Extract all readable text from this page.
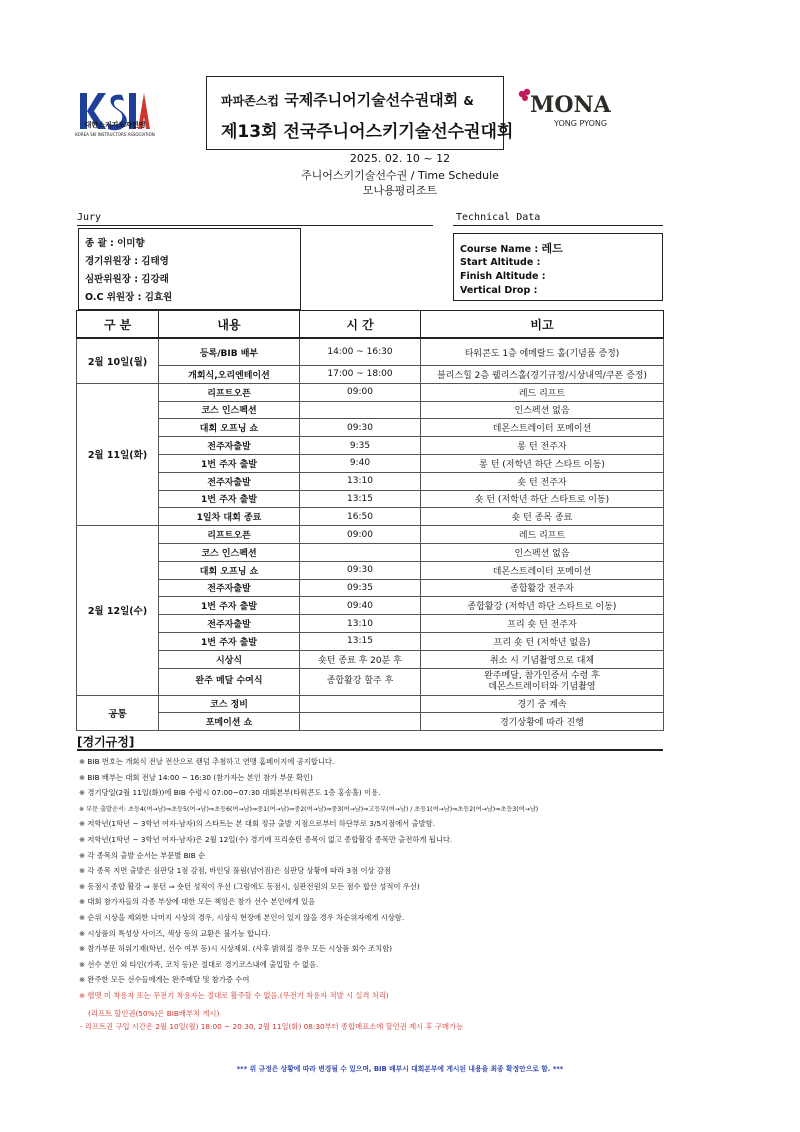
KSIA
대한스키지도자연맹
KOREA SKI INSTRUCTORS ASSOCIATION
파파존스컵 국제주니어기술선수권대회 &
제13회 전국주니어스키기술선수권대회
MONA
YONG PYONG
2025. 02. 10 ~ 12
주니어스키기술선수권 / Time Schedule
모나용평리조트
Jury
종 괄 : 이미향
경기위원장 : 김태영
심판위원장 : 김강래
O.C 위원장 : 김효원
Technical Data
Course Name : 레드
Start Altitude :
Finish Altitude :
Vertical Drop :
구 분	내용	시 간	비고
2월 10일(월)	등록/BIB 배부	14:00 ~ 16:30	타워콘도 1층 에메랄드 홀(기념품 증정)
	개회식,오리엔테이션	17:00 ~ 18:00	블리스힐 2층 웰리스홀(경기규정/시상내역/쿠폰 증정)
2월 11일(화)	리프트오픈	09:00	레드 리프트
	코스 인스펙션		인스펙션 없음
	대회 오프닝 쇼	09:30	데몬스트레이터 포메이션
	전주자출발	9:35	롱 턴 전주자
	1번 주자 출발	9:40	롱 턴 (저학년 하단 스타트 이동)
	전주자출발	13:10	숏 턴 전주자
	1번 주자 출발	13:15	숏 턴 (저학년 하단 스타트로 이동)
	1일차 대회 종료	16:50	숏 턴 종목 종료
2월 12일(수)	리프트오픈	09:00	레드 리프트
	코스 인스펙션		인스펙션 없음
	대회 오프닝 쇼	09:30	데몬스트레이터 포메이션
	전주자출발	09:35	종합활강 전주자
	1번 주자 출발	09:40	종합활강 (저학년 하단 스타트로 이동)
	전주자출발	13:10	프리 숏 턴 전주자
	1번 주자 출발	13:15	프리 숏 턴 (저학년 없음)
	시상식	숏턴 종료 후 20분 후	취소 시 기념촬영으로 대체
	완주 메달 수여식	종합활강 할주 후	완주메달, 참가인증서 수령 후
데몬스트레이터와 기념촬영

공통	코스 정비		경기 중 계속
	포메이션 쇼		경기상황에 따라 진행
[경기규정]
※ BIB 번호는 개회식 전날 전산으로 랜덤 추첨하고 연맹 홈페이지에 공지합니다.
※ BIB 배부는 대회 전날 14:00 ~ 16:30 (참가자는 본인 참가 부문 확인)
※ 경기당일(2월 11일(화))에 BIB 수령시 07:00~07:30 대회본부(타워콘도 1층 홍송홀) 이용.
※ 부문 출발순서: 초등4(여→남)⇒초등5(여→남)⇒초등6(여→남)⇒중1(여→남)⇒중2(여→남)⇒중3(여→남)⇒고등부(여→남) / 초등1(여→남)⇒초등2(여→남)⇒초등3(여→남)
※ 저학년(1학년 ~ 3학년 여자-남자)의 스타트는 본 대회 정규 출발 지점으로부터 하단부로 3/5지점에서 출발함.
※ 저학년(1학년 ~ 3학년 여자-남자)은 2월 12일(수) 경기에 프리숏턴 종목이 없고 종합활강 종목만 출전하게 됩니다.
※ 각 종목의 출발 순서는 부문별 BIB 순
※ 각 종목 지면 출발은 심판당 1점 감점, 바인딩 풀림(넘어짐)은 심판당 상황에 따라 3점 이상 감점
※ 동점시 종합 활강 ⇒ 롱턴 ⇒ 숏턴 성적이 우선 (그럼에도 동점시, 심판전원의 모든 점수 합산 성적이 우선)
※ 대회 참가자들의 각종 부상에 대한 모든 책임은 참가 선수 본인에게 있음
※ 순위 시상을 제외한 나머지 시상의 경우, 시상식 현장에 본인이 있지 않을 경우 차순위자에게 시상함.
※ 시상품의 특성상 사이즈, 색상 등의 교환은 불가능 합니다.
※ 참가부문 허위기재(학년, 선수 여부 등)시 시상제외. (사후 밝혀질 경우 모든 시상품 회수 조치함)
※ 선수 본인 외 타인(가족, 코치 등)은 절대로 경기코스내에 출입할 수 없음.
※ 완주한 모든 선수들에게는 완주메달 및 참가증 수여
※ 헬멧 미 착용자 또는 무전기 착용자는 절대로 활주할 수 없음.(무전기 착용자 적발 시 실격 처리)
*** 위 규정은 상황에 따라 변경될 수 있으며, BIB 배부시 대회본부에 게시된 내용을 최종 확정안으로 함. ***
(리프트 할인권(50%)은 BIB배부처 게시)
- 리프트권 구입 시간은 2월 10일(월) 18:00 ~ 20:30, 2월 11일(화) 08:30부터 종합매표소에 할인권 제시 후 구매가능
